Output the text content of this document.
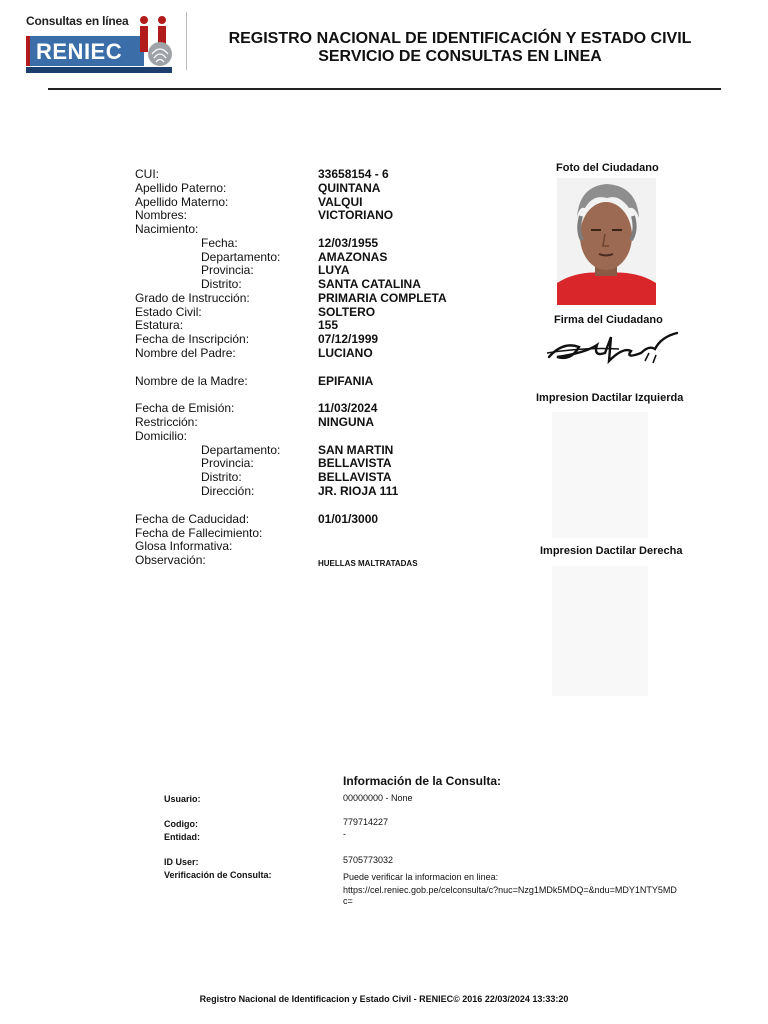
Consultas en línea
RENIEC
REGISTRO NACIONAL DE IDENTIFICACIÓN Y ESTADO CIVIL
SERVICIO DE CONSULTAS EN LINEA
CUI:	33658154 - 6
Apellido Paterno:	QUINTANA
Apellido Materno:	VALQUI
Nombres:	VICTORIANO
Nacimiento:
Fecha:	12/03/1955
Departamento:	AMAZONAS
Provincia:	LUYA
Distrito:	SANTA CATALINA
Grado de Instrucción:	PRIMARIA COMPLETA
Estado Civil:	SOLTERO
Estatura:	155
Fecha de Inscripción:	07/12/1999
Nombre del Padre:	LUCIANO
Nombre de la Madre:	EPIFANIA
Fecha de Emisión:	11/03/2024
Restricción:	NINGUNA
Domicilio:
Departamento:	SAN MARTIN
Provincia:	BELLAVISTA
Distrito:	BELLAVISTA
Dirección:	JR. RIOJA 111
Fecha de Caducidad:	01/01/3000
Fecha de Fallecimiento:
Glosa Informativa:
Observación:	HUELLAS MALTRATADAS
Foto del Ciudadano
Firma del Ciudadano
Impresion Dactilar Izquierda
Impresion Dactilar Derecha
Información de la Consulta:
Usuario:	00000000 - None
Codigo:	779714227
Entidad:	-
ID User:	5705773032
Verificación de Consulta:	Puede verificar la informacion en linea:
https://cel.reniec.gob.pe/celconsulta/c?nuc=Nzg1MDk5MDQ=&ndu=MDY1NTY5MD
c=
Registro Nacional de Identificacion y Estado Civil - RENIEC© 2016 22/03/2024 13:33:20
